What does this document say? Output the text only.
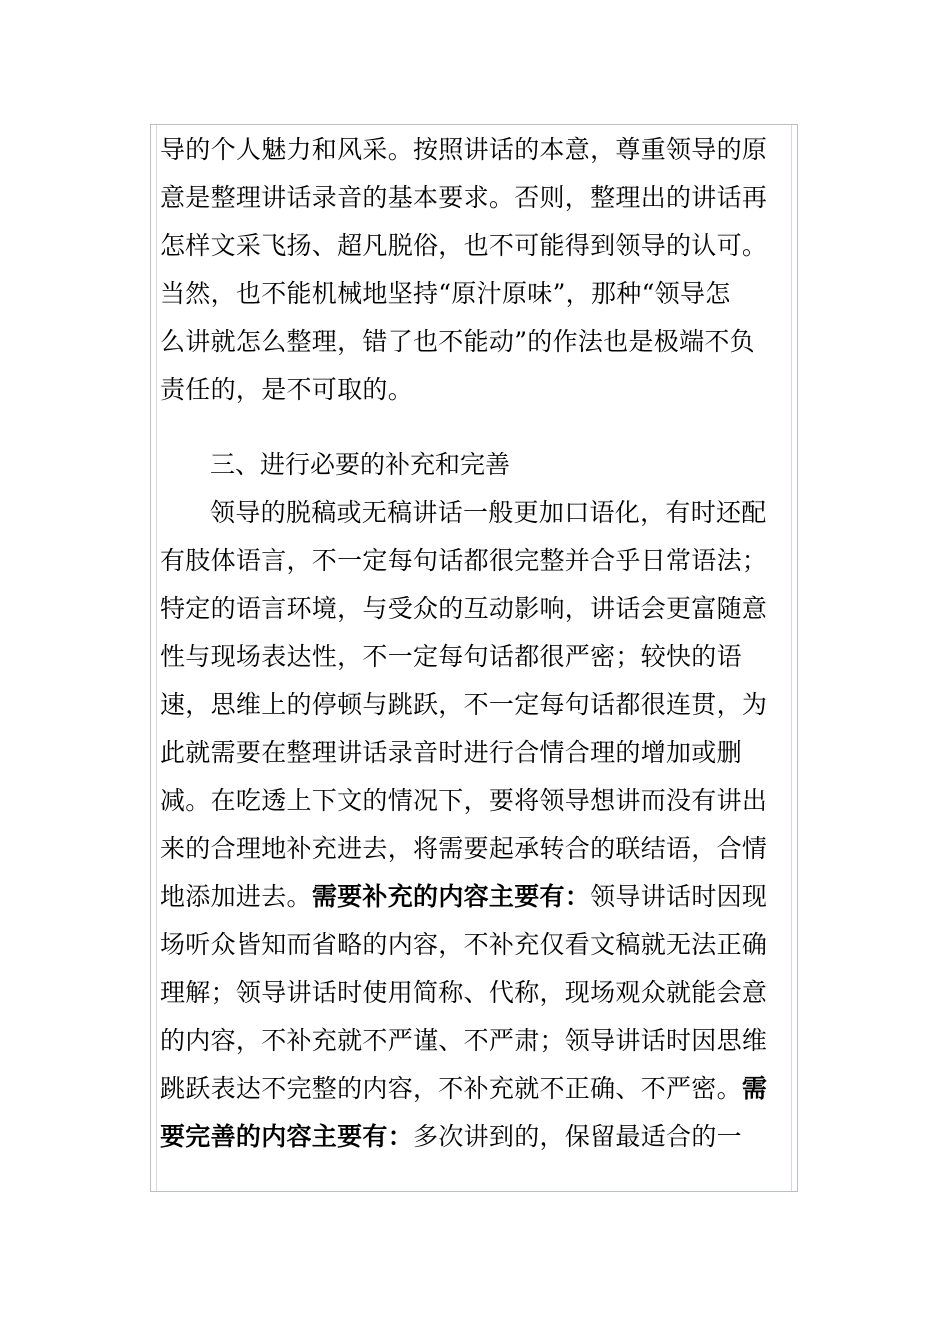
导的个人魅力和风采。按照讲话的本意，尊重领导的原
意是整理讲话录音的基本要求。否则，整理出的讲话再
怎样文采飞扬、超凡脱俗，也不可能得到领导的认可。
当然，也不能机械地坚持“原汁原味”，那种“领导怎
么讲就怎么整理，错了也不能动”的作法也是极端不负
责任的，是不可取的。
三、进行必要的补充和完善
领导的脱稿或无稿讲话一般更加口语化，有时还配
有肢体语言，不一定每句话都很完整并合乎日常语法；
特定的语言环境，与受众的互动影响，讲话会更富随意
性与现场表达性，不一定每句话都很严密；较快的语
速，思维上的停顿与跳跃，不一定每句话都很连贯，为
此就需要在整理讲话录音时进行合情合理的增加或删
减。在吃透上下文的情况下，要将领导想讲而没有讲出
来的合理地补充进去，将需要起承转合的联结语，合情
地添加进去。需要补充的内容主要有：领导讲话时因现
场听众皆知而省略的内容，不补充仅看文稿就无法正确
理解；领导讲话时使用简称、代称，现场观众就能会意
的内容，不补充就不严谨、不严肃；领导讲话时因思维
跳跃表达不完整的内容，不补充就不正确、不严密。需
要完善的内容主要有：多次讲到的，保留最适合的一
